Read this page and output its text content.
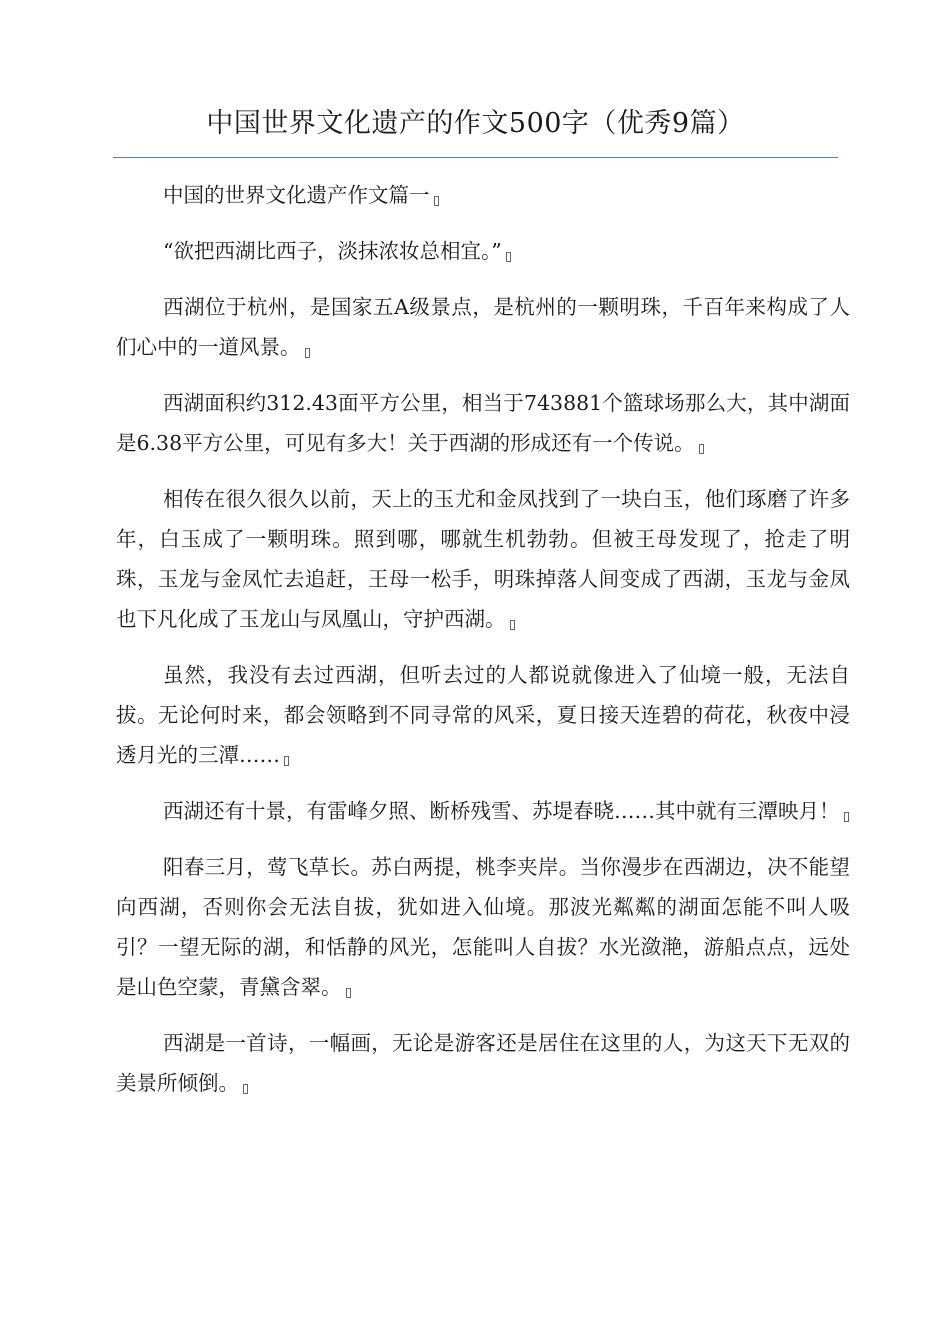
中国世界文化遗产的作文500字（优秀9篇）

中国的世界文化遗产作文篇一

“欲把西湖比西子，淡抹浓妆总相宜。”

西湖位于杭州，是国家五A级景点，是杭州的一颗明珠，千百年来构成了人们心中的一道风景。

西湖面积约312.43面平方公里，相当于743881个篮球场那么大，其中湖面是6.38平方公里，可见有多大！关于西湖的形成还有一个传说。

相传在很久很久以前，天上的玉尤和金凤找到了一块白玉，他们琢磨了许多年，白玉成了一颗明珠。照到哪，哪就生机勃勃。但被王母发现了，抢走了明珠，玉龙与金凤忙去追赶，王母一松手，明珠掉落人间变成了西湖，玉龙与金凤也下凡化成了玉龙山与凤凰山，守护西湖。

虽然，我没有去过西湖，但听去过的人都说就像进入了仙境一般，无法自拔。无论何时来，都会领略到不同寻常的风采，夏日接天连碧的荷花，秋夜中浸透月光的三潭……

西湖还有十景，有雷峰夕照、断桥残雪、苏堤春晓……其中就有三潭映月！

阳春三月，莺飞草长。苏白两提，桃李夹岸。当你漫步在西湖边，决不能望向西湖，否则你会无法自拔，犹如进入仙境。那波光粼粼的湖面怎能不叫人吸引？一望无际的湖，和恬静的风光，怎能叫人自拔？水光潋滟，游船点点，远处是山色空蒙，青黛含翠。

西湖是一首诗，一幅画，无论是游客还是居住在这里的人，为这天下无双的美景所倾倒。
